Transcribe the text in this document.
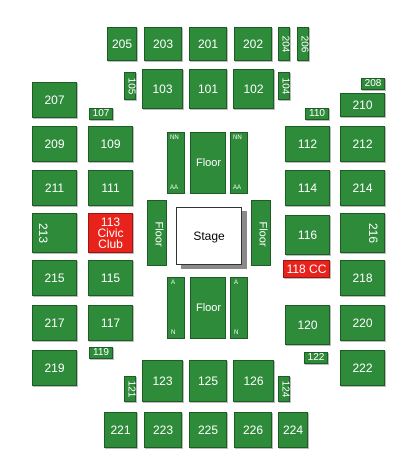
205	203	201	202	204 206
105	103	101	102	104
207
107
209	109
211	111
213
113
Civic
Club
215	115
217	117
119
219
208
210
110
112	212
114	214
116	216
118 CC
218
120	220
122
222
121	123	125	126	124
221	223	225	226	224
NN
AA
Floor
NN
AA
Floor	Floor
Stage
A
N
Floor
A
N
